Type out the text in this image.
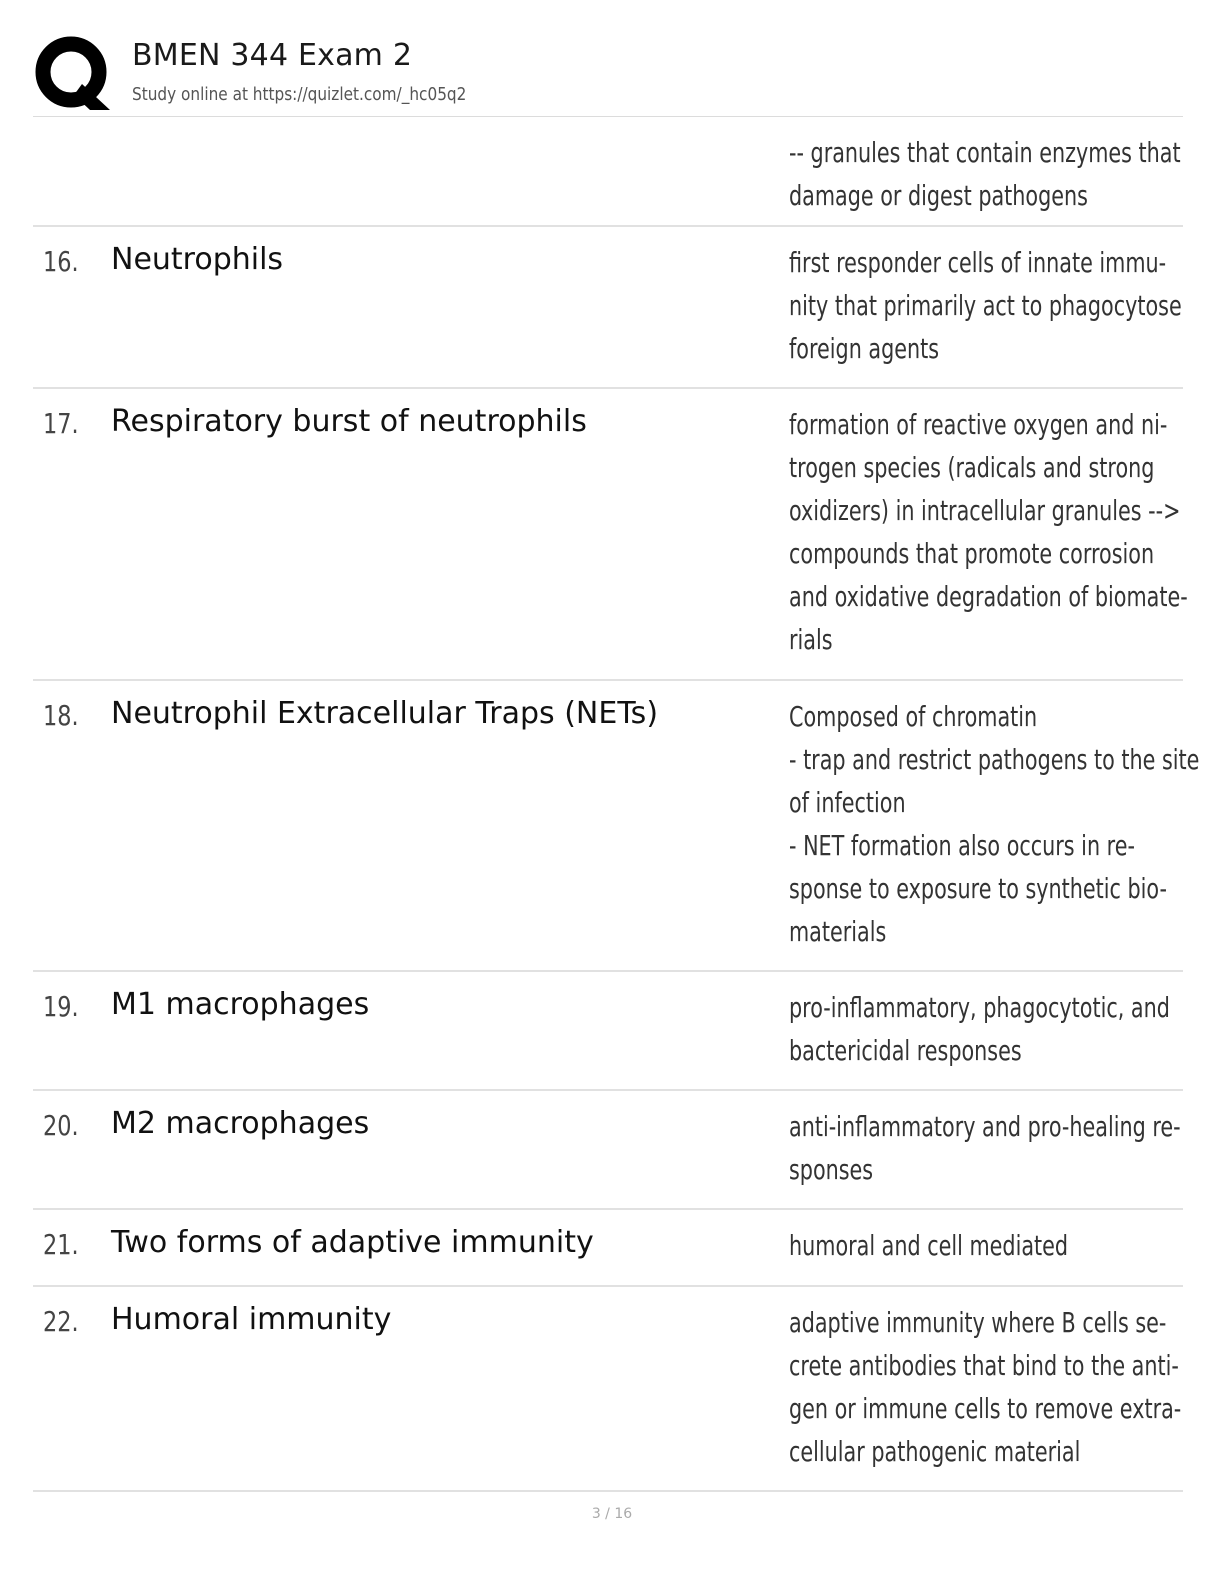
BMEN 344 Exam 2
Study online at https://quizlet.com/_hc05q2
-- granules that contain enzymes that
damage or digest pathogens
16. Neutrophils	first responder cells of innate immu-
nity that primarily act to phagocytose
foreign agents
17. Respiratory burst of neutrophils	formation of reactive oxygen and ni-
trogen species (radicals and strong
oxidizers) in intracellular granules -->
compounds that promote corrosion
and oxidative degradation of biomate-
rials
18. Neutrophil Extracellular Traps (NETs)	Composed of chromatin
- trap and restrict pathogens to the site
of infection
- NET formation also occurs in re-
sponse to exposure to synthetic bio-
materials
19. M1 macrophages	pro-inflammatory, phagocytotic, and
bactericidal responses
20. M2 macrophages	anti-inflammatory and pro-healing re-
sponses
21. Two forms of adaptive immunity	humoral and cell mediated
22. Humoral immunity	adaptive immunity where B cells se-
crete antibodies that bind to the anti-
gen or immune cells to remove extra-
cellular pathogenic material
3 / 16
